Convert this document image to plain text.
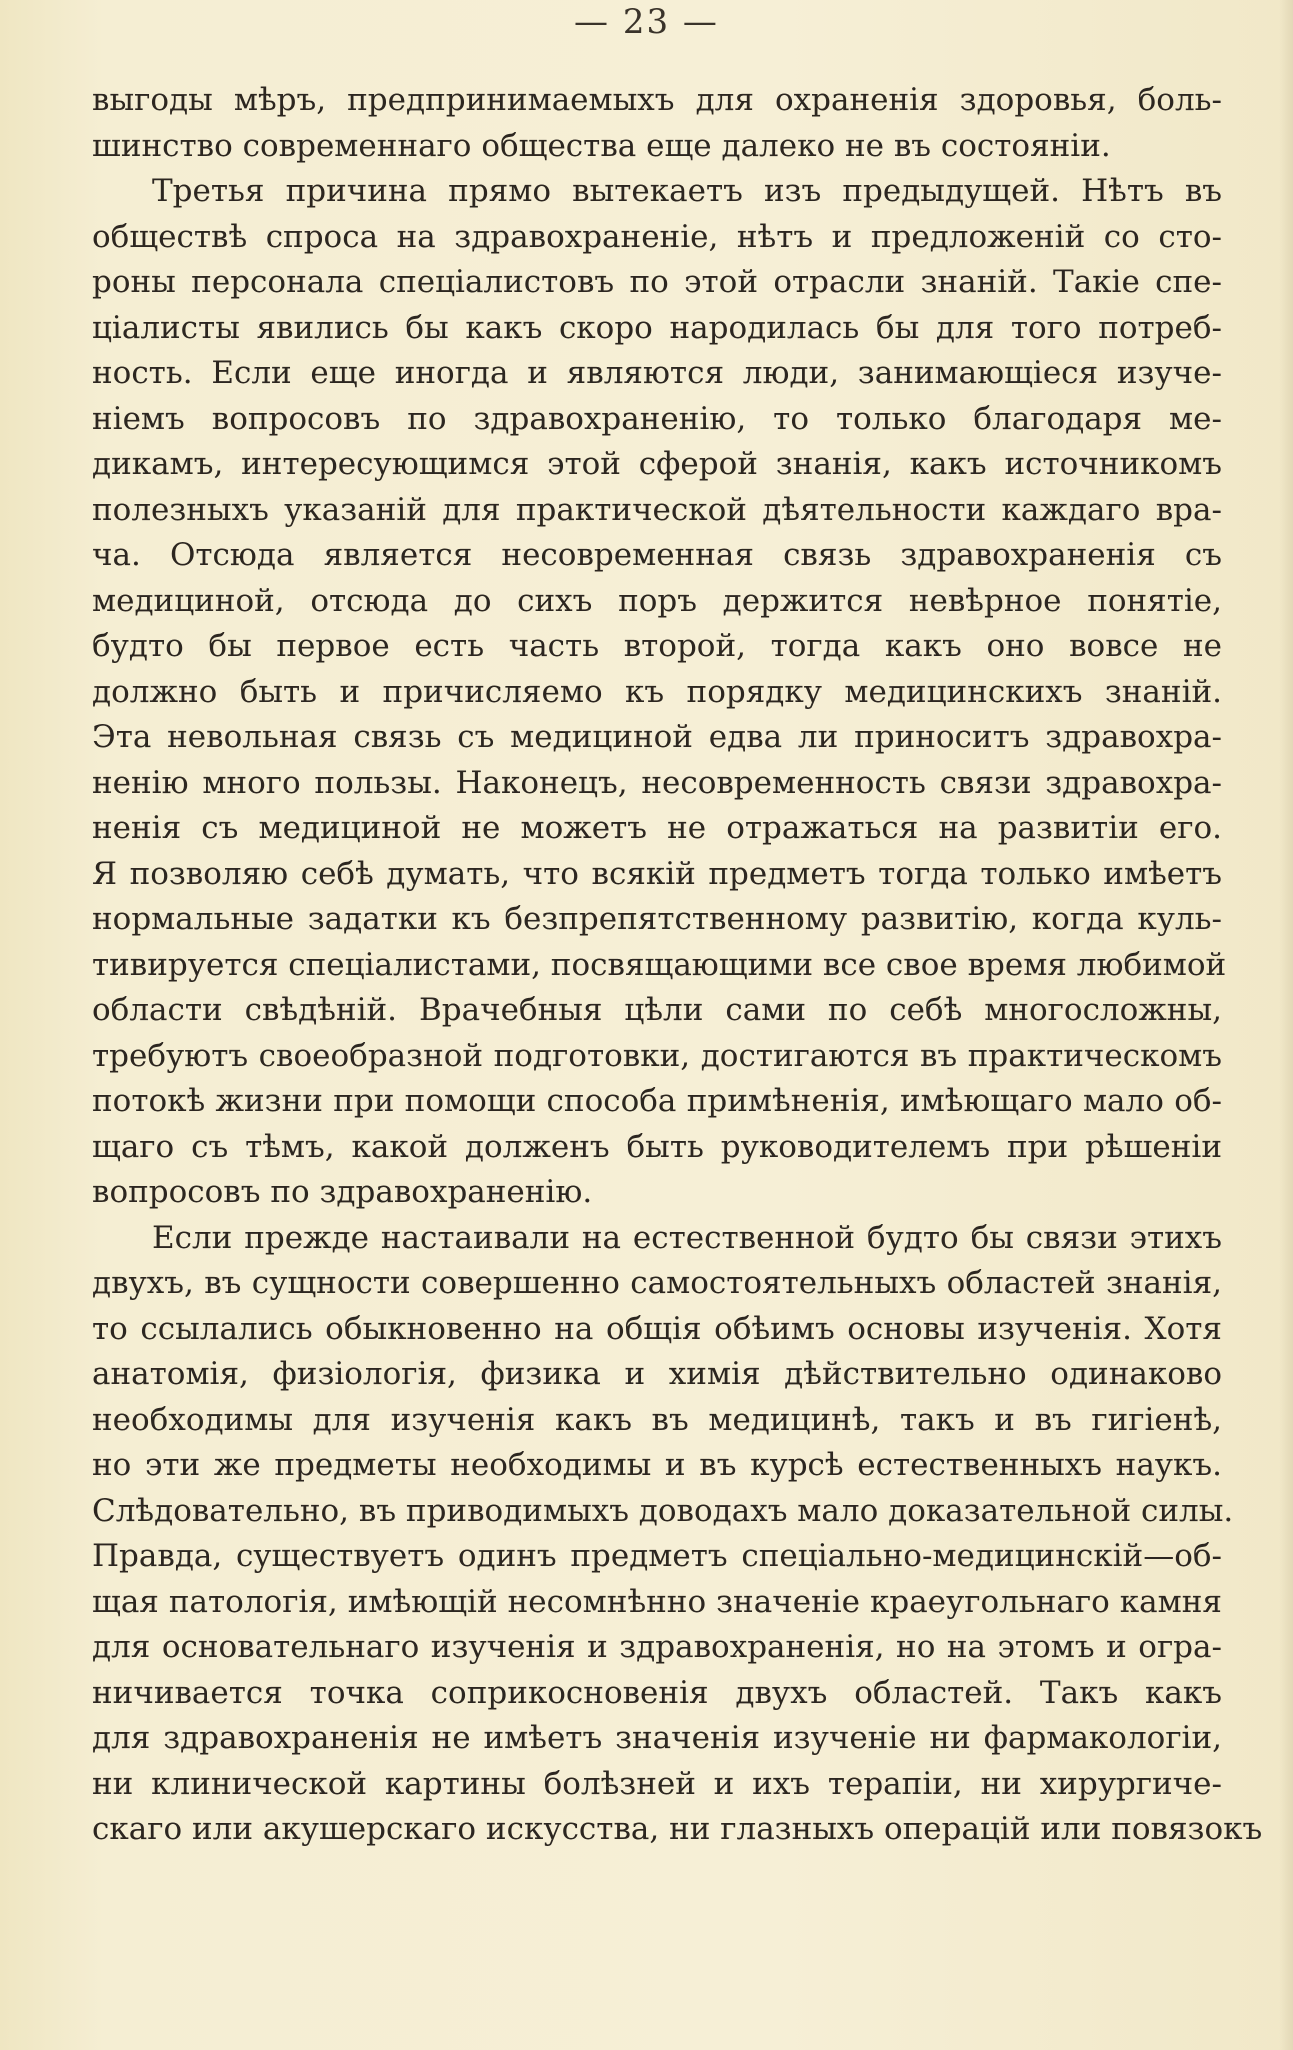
— 23 —
выгоды мѣръ, предпринимаемыхъ для охраненія здоровья, боль-
шинство современнаго общества еще далеко не въ состояніи.
Третья причина прямо вытекаетъ изъ предыдущей. Нѣтъ въ
обществѣ спроса на здравохраненіе, нѣтъ и предложеній со сто-
роны персонала спеціалистовъ по этой отрасли знаній. Такіе спе-
ціалисты явились бы какъ скоро народилась бы для того потреб-
ность. Если еще иногда и являются люди, занимающіеся изуче-
ніемъ вопросовъ по здравохраненію, то только благодаря ме-
дикамъ, интересующимся этой сферой знанія, какъ источникомъ
полезныхъ указаній для практической дѣятельности каждаго вра-
ча. Отсюда является несовременная связь здравохраненія съ
медициной, отсюда до сихъ поръ держится невѣрное понятіе,
будто бы первое есть часть второй, тогда какъ оно вовсе не
должно быть и причисляемо къ порядку медицинскихъ знаній.
Эта невольная связь съ медициной едва ли приноситъ здравохра-
ненію много пользы. Наконецъ, несовременность связи здравохра-
ненія съ медициной не можетъ не отражаться на развитіи его.
Я позволяю себѣ думать, что всякій предметъ тогда только имѣетъ
нормальные задатки къ безпрепятственному развитію, когда куль-
тивируется спеціалистами, посвящающими все свое время любимой
области свѣдѣній. Врачебныя цѣли сами по себѣ многосложны,
требуютъ своеобразной подготовки, достигаются въ практическомъ
потокѣ жизни при помощи способа примѣненія, имѣющаго мало об-
щаго съ тѣмъ, какой долженъ быть руководителемъ при рѣшеніи
вопросовъ по здравохраненію.
Если прежде настаивали на естественной будто бы связи этихъ
двухъ, въ сущности совершенно самостоятельныхъ областей знанія,
то ссылались обыкновенно на общія обѣимъ основы изученія. Хотя
анатомія, физіологія, физика и химія дѣйствительно одинаково
необходимы для изученія какъ въ медицинѣ, такъ и въ гигіенѣ,
но эти же предметы необходимы и въ курсѣ естественныхъ наукъ.
Слѣдовательно, въ приводимыхъ доводахъ мало доказательной силы.
Правда, существуетъ одинъ предметъ спеціально-медицинскій—об-
щая патологія, имѣющій несомнѣнно значеніе краеугольнаго камня
для основательнаго изученія и здравохраненія, но на этомъ и огра-
ничивается точка соприкосновенія двухъ областей. Такъ какъ
для здравохраненія не имѣетъ значенія изученіе ни фармакологіи,
ни клинической картины болѣзней и ихъ терапіи, ни хирургиче-
скаго или акушерскаго искусства, ни глазныхъ операцій или повязокъ
